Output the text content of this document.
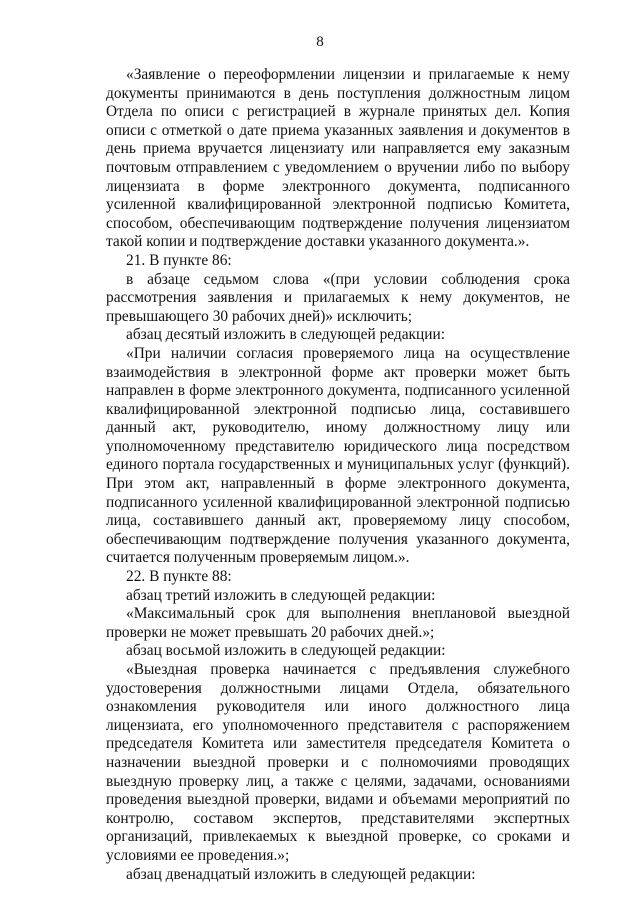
8

«Заявление о переоформлении лицензии и прилагаемые к нему документы принимаются в день поступления должностным лицом Отдела по описи с регистрацией в журнале принятых дел. Копия описи с отметкой о дате приема указанных заявления и документов в день приема вручается лицензиату или направляется ему заказным почтовым отправлением с уведомлением о вручении либо по выбору лицензиата в форме электронного документа, подписанного усиленной квалифицированной электронной подписью Комитета, способом, обеспечивающим подтверждение получения лицензиатом такой копии и подтверждение доставки указанного документа.».

21. В пункте 86:

в абзаце седьмом слова «(при условии соблюдения срока рассмотрения заявления и прилагаемых к нему документов, не превышающего 30 рабочих дней)» исключить;

абзац десятый изложить в следующей редакции:

«При наличии согласия проверяемого лица на осуществление взаимодействия в электронной форме акт проверки может быть направлен в форме электронного документа, подписанного усиленной квалифицированной электронной подписью лица, составившего данный акт, руководителю, иному должностному лицу или уполномоченному представителю юридического лица посредством единого портала государственных и муниципальных услуг (функций). При этом акт, направленный в форме электронного документа, подписанного усиленной квалифицированной электронной подписью лица, составившего данный акт, проверяемому лицу способом, обеспечивающим подтверждение получения указанного документа, считается полученным проверяемым лицом.».

22. В пункте 88:

абзац третий изложить в следующей редакции:

«Максимальный срок для выполнения внеплановой выездной проверки не может превышать 20 рабочих дней.»;

абзац восьмой изложить в следующей редакции:

«Выездная проверка начинается с предъявления служебного удостоверения должностными лицами Отдела, обязательного ознакомления руководителя или иного должностного лица лицензиата, его уполномоченного представителя с распоряжением председателя Комитета или заместителя председателя Комитета о назначении выездной проверки и с полномочиями проводящих выездную проверку лиц, а также с целями, задачами, основаниями проведения выездной проверки, видами и объемами мероприятий по контролю, составом экспертов, представителями экспертных организаций, привлекаемых к выездной проверке, со сроками и условиями ее проведения.»;

абзац двенадцатый изложить в следующей редакции:
